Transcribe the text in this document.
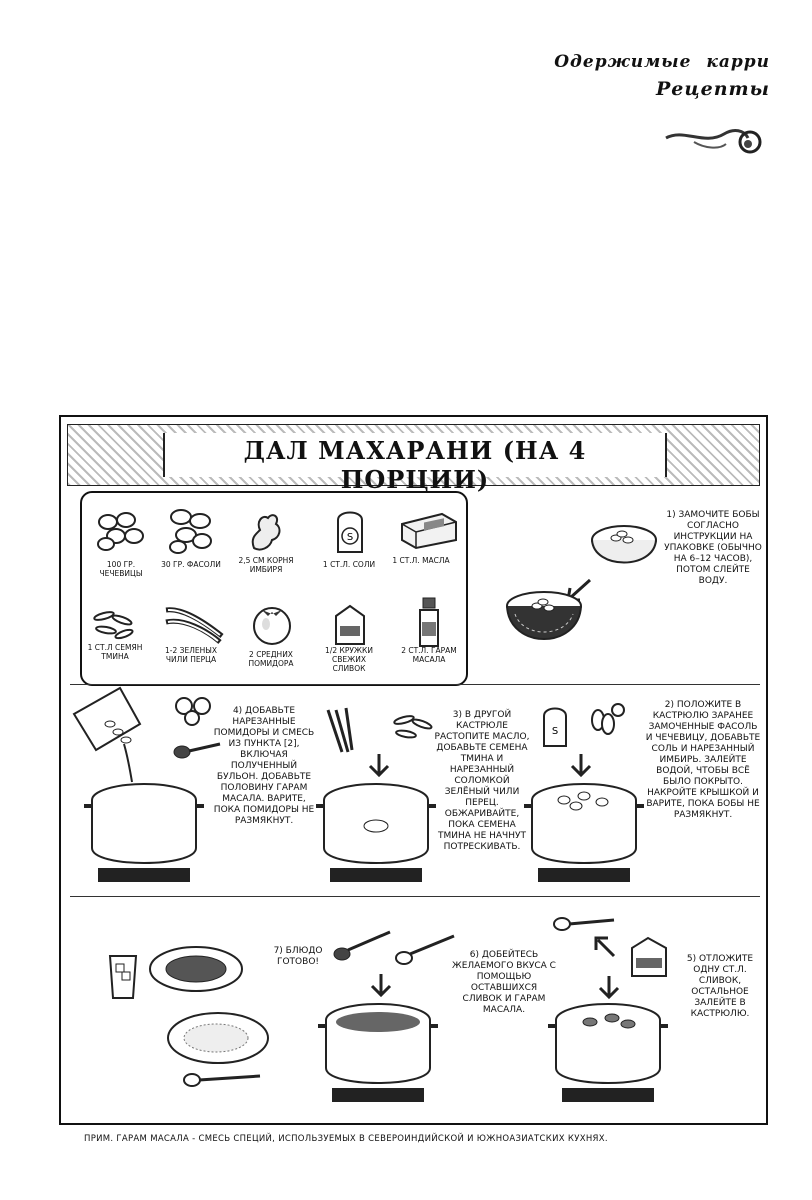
Одержимые карри
Рецепты
ДАЛ МАХАРАНИ (НА 4 ПОРЦИИ)
S
100 ГР. ЧЕЧЕВИЦЫ
30 ГР. ФАСОЛИ	2,5 СМ КОРНЯ ИМБИРЯ
1 СТ.Л. СОЛИ	1 СТ.Л. МАСЛА
1 СТ.Л СЕМЯН ТМИНА
1-2 ЗЕЛЕНЫХ ЧИЛИ ПЕРЦА
2 СРЕДНИХ ПОМИДОРА
1/2 КРУЖКИ СВЕЖИХ СЛИВОК
2 СТ.Л. ГАРАМ МАСАЛА
1) ЗАМОЧИТЕ БОБЫ СОГЛАСНО ИНСТРУКЦИИ НА УПАКОВКЕ (ОБЫЧНО НА 6–12 ЧАСОВ), ПОТОМ СЛЕЙТЕ ВОДУ.
4) ДОБАВЬТЕ НАРЕЗАННЫЕ ПОМИДОРЫ И СМЕСЬ ИЗ ПУНКТА [2], ВКЛЮЧАЯ ПОЛУЧЕННЫЙ БУЛЬОН. ДОБАВЬТЕ ПОЛОВИНУ ГАРАМ МАСАЛА. ВАРИТЕ, ПОКА ПОМИДОРЫ НЕ РАЗМЯКНУТ.
3) В ДРУГОЙ КАСТРЮЛЕ РАСТОПИТЕ МАСЛО, ДОБАВЬТЕ СЕМЕНА ТМИНА И НАРЕЗАННЫЙ СОЛОМКОЙ ЗЕЛЁНЫЙ ЧИЛИ ПЕРЕЦ. ОБЖАРИВАЙТЕ, ПОКА СЕМЕНА ТМИНА НЕ НАЧНУТ ПОТРЕСКИВАТЬ.
S
2) ПОЛОЖИТЕ В КАСТРЮЛЮ ЗАРАНЕЕ ЗАМОЧЕННЫЕ ФАСОЛЬ И ЧЕЧЕВИЦУ, ДОБАВЬТЕ СОЛЬ И НАРЕЗАННЫЙ ИМБИРЬ. ЗАЛЕЙТЕ ВОДОЙ, ЧТОБЫ ВСЁ БЫЛО ПОКРЫТО. НАКРОЙТЕ КРЫШКОЙ И ВАРИТЕ, ПОКА БОБЫ НЕ РАЗМЯКНУТ.
7) БЛЮДО ГОТОВО!
6) ДОБЕЙТЕСЬ ЖЕЛАЕМОГО ВКУСА С ПОМОЩЬЮ ОСТАВШИХСЯ СЛИВОК И ГАРАМ МАСАЛА.
5) ОТЛОЖИТЕ ОДНУ СТ.Л. СЛИВОК, ОСТАЛЬНОЕ ЗАЛЕЙТЕ В КАСТРЮЛЮ.
ПРИМ. ГАРАМ МАСАЛА - СМЕСЬ СПЕЦИЙ, ИСПОЛЬЗУЕМЫХ В СЕВЕРОИНДИЙСКОЙ И ЮЖНОАЗИАТСКИХ КУХНЯХ.
